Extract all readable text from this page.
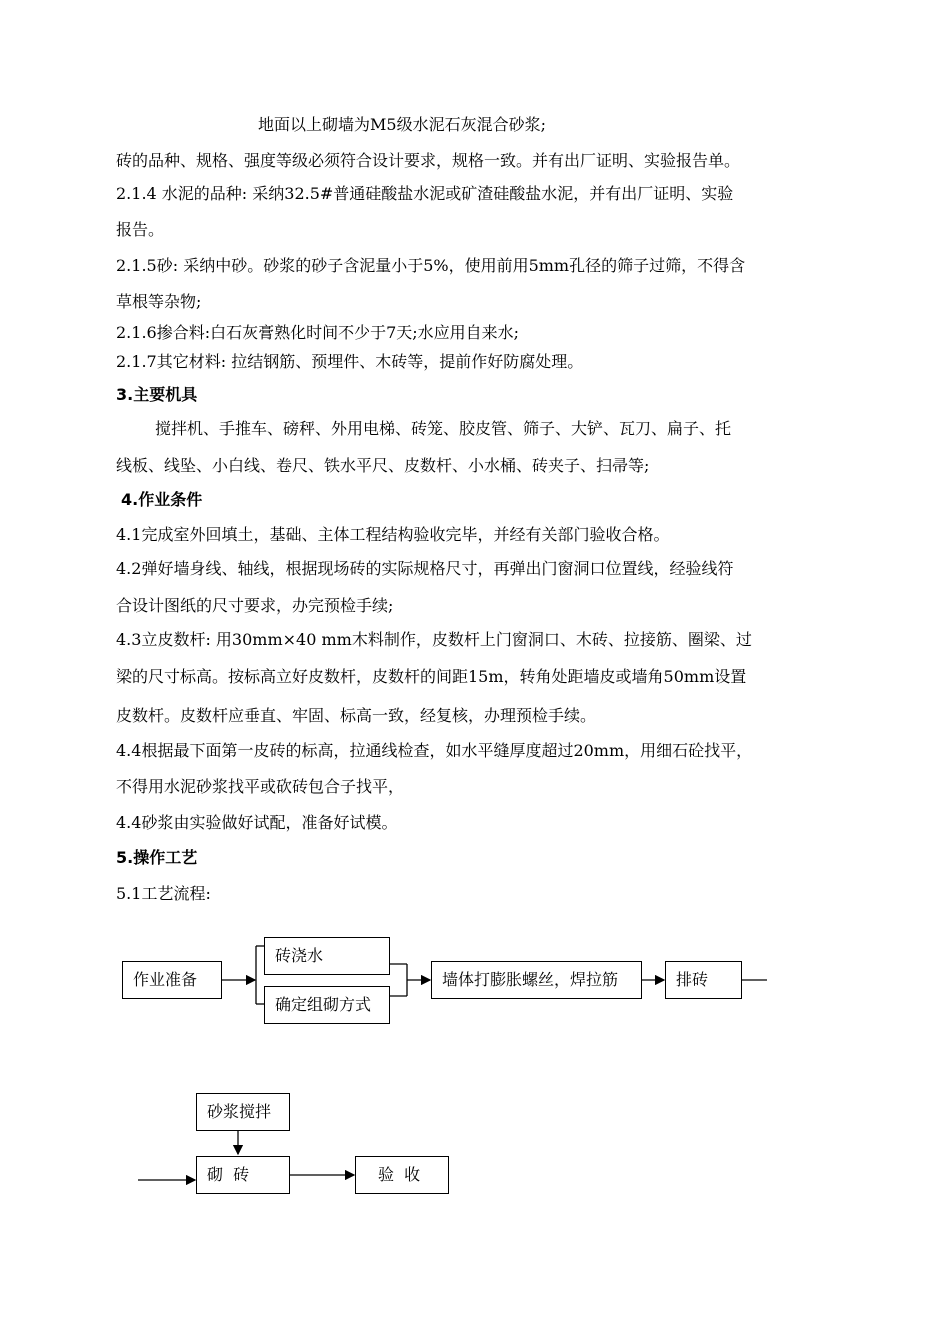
地面以上砌墙为M5级水泥石灰混合砂浆;
砖的品种、规格、强度等级必须符合设计要求，规格一致。并有出厂证明、实验报告单。
2.1.4 水泥的品种: 采纳32.5#普通硅酸盐水泥或矿渣硅酸盐水泥，并有出厂证明、实验
报告。
2.1.5砂: 采纳中砂。砂浆的砂子含泥量小于5%，使用前用5mm孔径的筛子过筛，不得含
草根等杂物;
2.1.6掺合料:白石灰膏熟化时间不少于7天;水应用自来水;
2.1.7其它材料: 拉结钢筋、预埋件、木砖等，提前作好防腐处理。
3.主要机具
搅拌机、手推车、磅秤、外用电梯、砖笼、胶皮管、筛子、大铲、瓦刀、扁子、托
线板、线坠、小白线、卷尺、铁水平尺、皮数杆、小水桶、砖夹子、扫帚等;
4.作业条件
4.1完成室外回填土，基础、主体工程结构验收完毕，并经有关部门验收合格。
4.2弹好墙身线、轴线，根据现场砖的实际规格尺寸，再弹出门窗洞口位置线，经验线符
合设计图纸的尺寸要求，办完预检手续;
4.3立皮数杆: 用30mm×40 mm木料制作，皮数杆上门窗洞口、木砖、拉接筋、圈梁、过
梁的尺寸标高。按标高立好皮数杆，皮数杆的间距15m，转角处距墙皮或墙角50mm设置
皮数杆。皮数杆应垂直、牢固、标高一致，经复核，办理预检手续。
4.4根据最下面第一皮砖的标高，拉通线检查，如水平缝厚度超过20mm，用细石砼找平，
不得用水泥砂浆找平或砍砖包合子找平，
4.4砂浆由实验做好试配，准备好试模。
5.操作工艺
5.1工艺流程:
作业准备
砖浇水
确定组砌方式
墙体打膨胀螺丝，焊拉筋	排砖
砂浆搅拌
砌  砖	验  收
